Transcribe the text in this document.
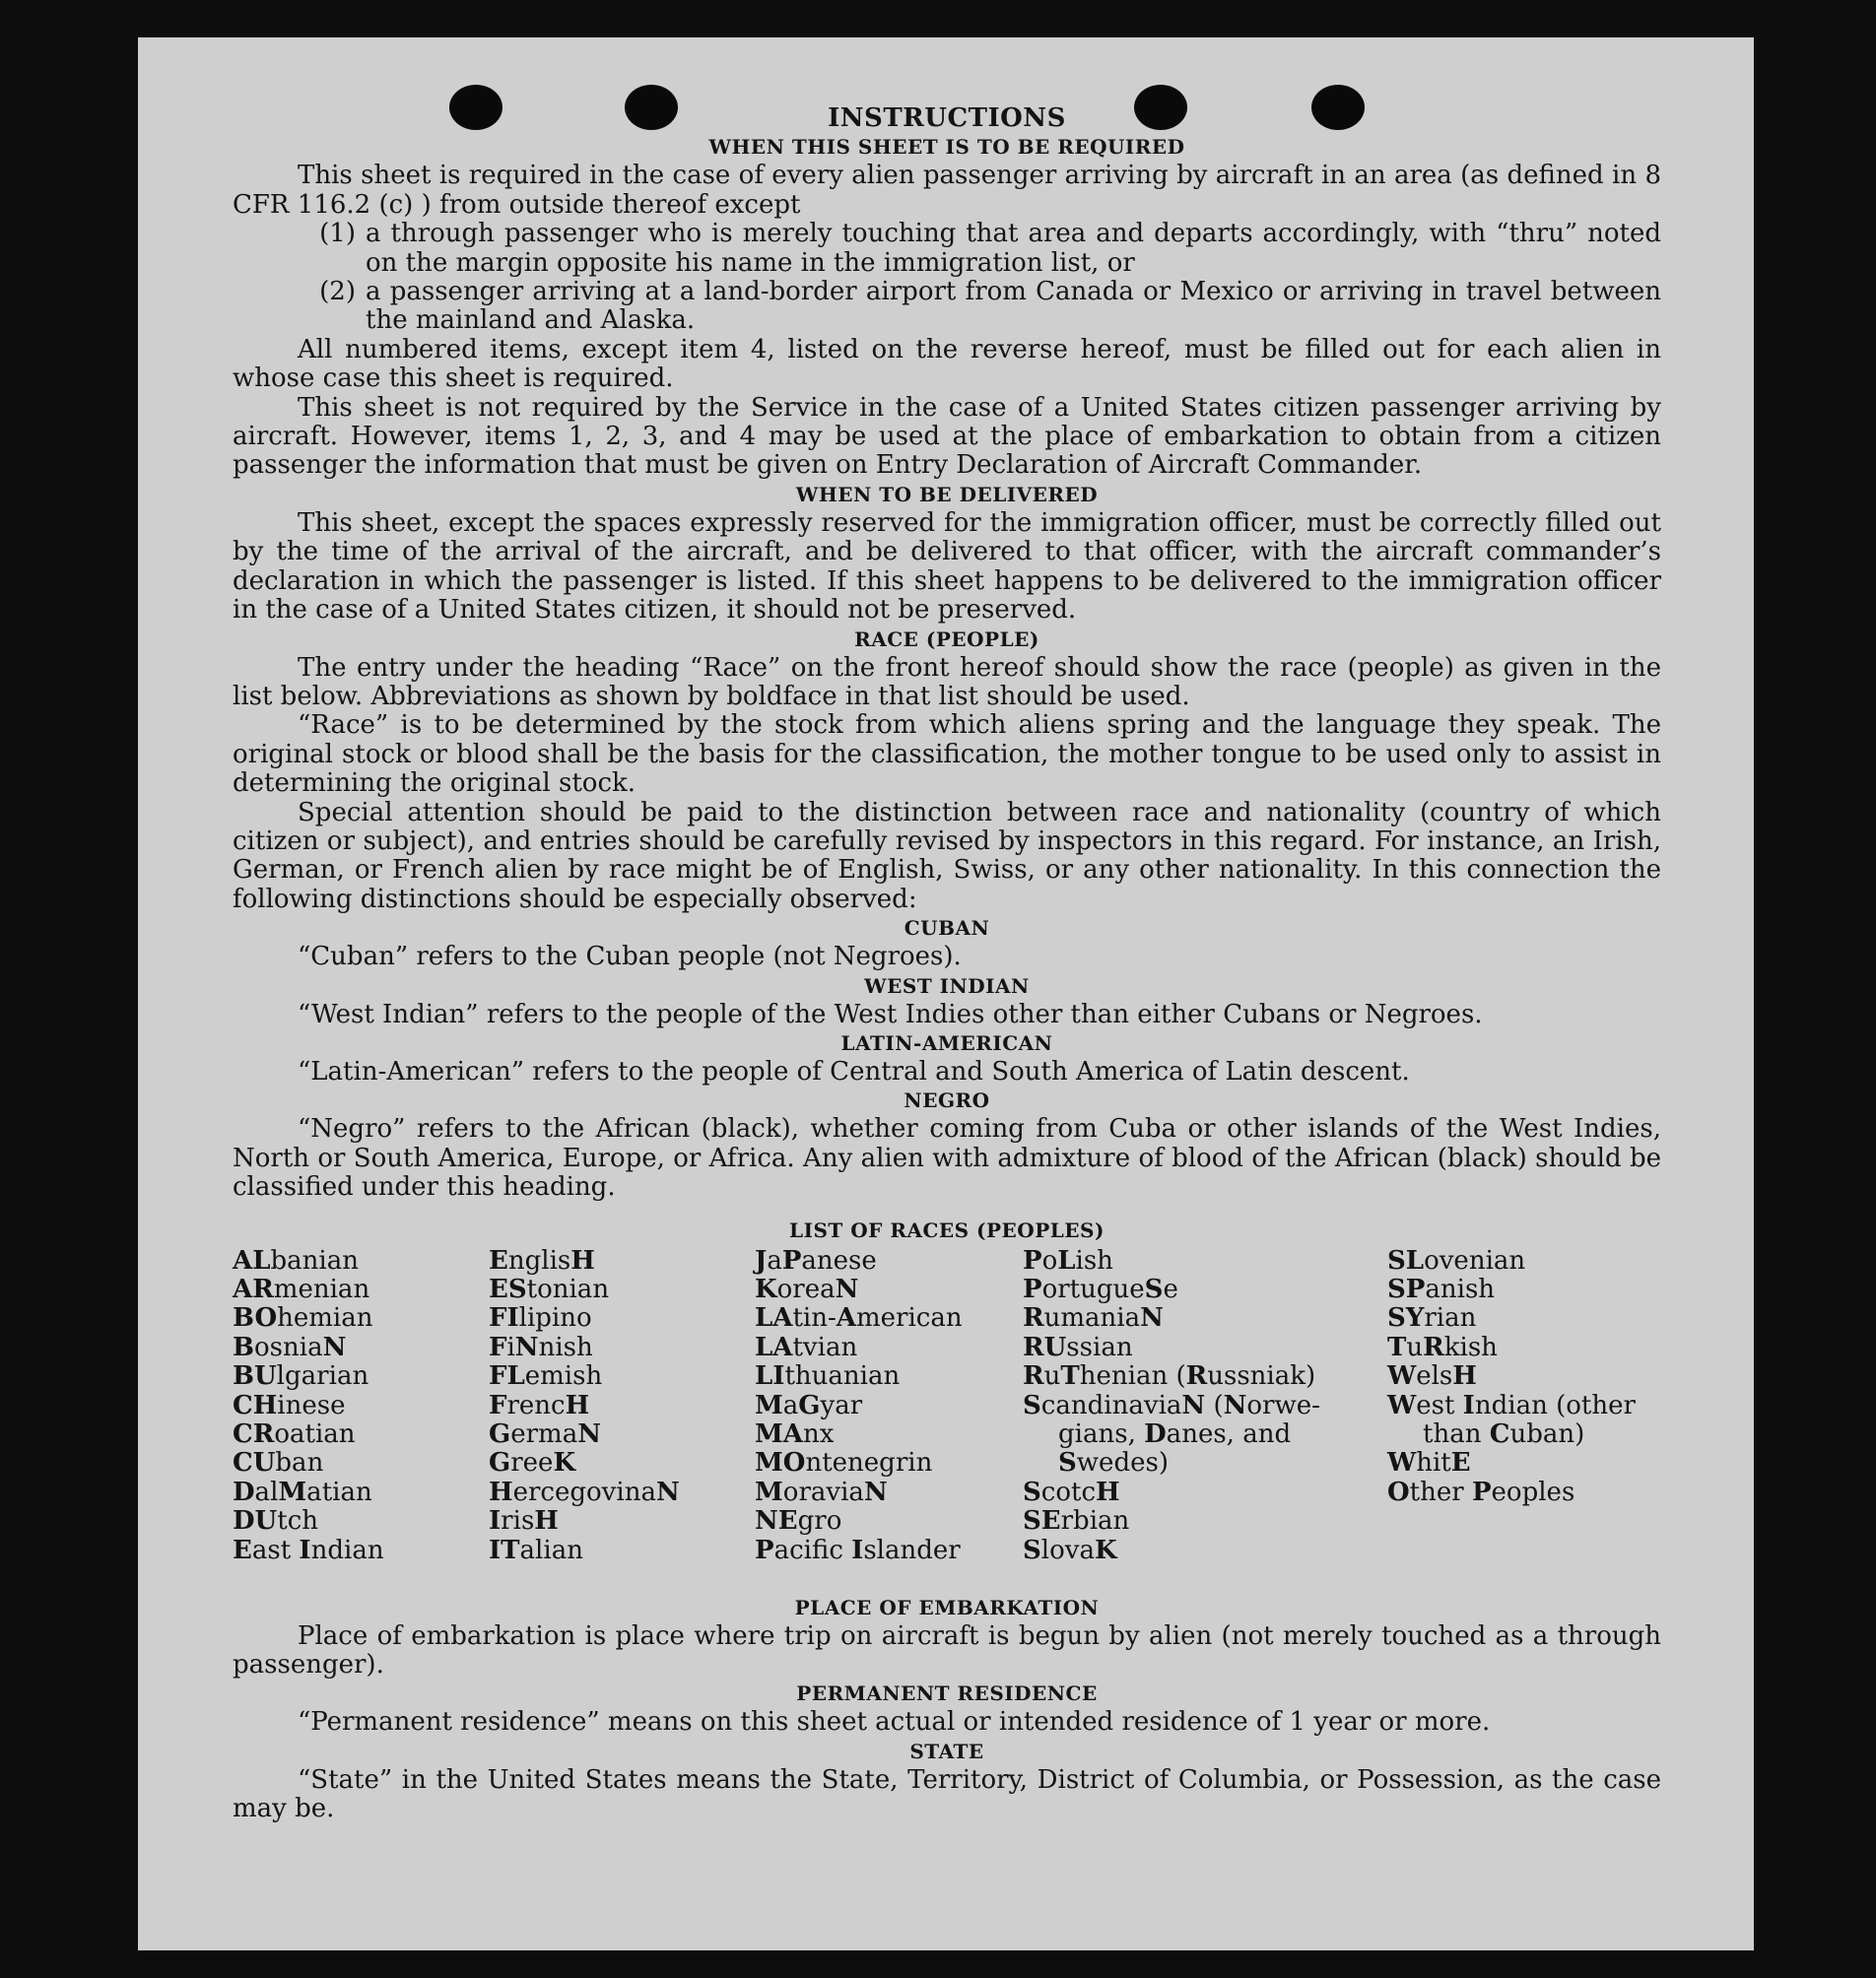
INSTRUCTIONS
WHEN THIS SHEET IS TO BE REQUIRED

This sheet is required in the case of every alien passenger arriving by aircraft in an area (as defined in 8 CFR 116.2 (c) ) from outside thereof except

(1) a through passenger who is merely touching that area and departs accordingly, with “thru” noted on the margin opposite his name in the immigration list, or
(2) a passenger arriving at a land-border airport from Canada or Mexico or arriving in travel between the mainland and Alaska.

All numbered items, except item 4, listed on the reverse hereof, must be filled out for each alien in whose case this sheet is required.

This sheet is not required by the Service in the case of a United States citizen passenger arriving by aircraft. However, items 1, 2, 3, and 4 may be used at the place of embarkation to obtain from a citizen passenger the information that must be given on Entry Declaration of Aircraft Commander.

WHEN TO BE DELIVERED

This sheet, except the spaces expressly reserved for the immigration officer, must be correctly filled out by the time of the arrival of the aircraft, and be delivered to that officer, with the aircraft commander’s declaration in which the passenger is listed. If this sheet happens to be delivered to the immigration officer in the case of a United States citizen, it should not be preserved.

RACE (PEOPLE)

The entry under the heading “Race” on the front hereof should show the race (people) as given in the list below. Abbreviations as shown by boldface in that list should be used.

“Race” is to be determined by the stock from which aliens spring and the language they speak. The original stock or blood shall be the basis for the classification, the mother tongue to be used only to assist in determining the original stock.

Special attention should be paid to the distinction between race and nationality (country of which citizen or subject), and entries should be carefully revised by inspectors in this regard. For instance, an Irish, German, or French alien by race might be of English, Swiss, or any other nationality. In this connection the following distinctions should be especially observed:

CUBAN

“Cuban” refers to the Cuban people (not Negroes).

WEST INDIAN

“West Indian” refers to the people of the West Indies other than either Cubans or Negroes.

LATIN-AMERICAN

“Latin-American” refers to the people of Central and South America of Latin descent.

NEGRO

“Negro” refers to the African (black), whether coming from Cuba or other islands of the West Indies, North or South America, Europe, or Africa. Any alien with admixture of blood of the African (black) should be classified under this heading.

LIST OF RACES (PEOPLES)
ALbanian
ARmenian
BOhemian
BosniaN
BUlgarian
CHinese
CRoatian
CUban
DalMatian
DUtch
East Indian
EnglisH
EStonian
FIlipino
FiNnish
FLemish
FrencH
GermaN
GreeK
HercegovinaN
IrisH
ITalian
JaPanese
KoreaN
LAtin-American
LAtvian
LIthuanian
MaGyar
MAnx
MOntenegrin
MoraviaN
NEgro
Pacifc Islander
PoLish
PortugueSe
RumaniaN
RUssian
RuThenian (Russniak)
ScandinaviaN (Norwe-
gians, Danes, and
Swedes)
ScotcH
SErbian
SlovaK
SLovenian
SPanish
SYrian
TuRkish
WelsH
West Indian (other
than Cuban)
WhitE
Other Peoples
PLACE OF EMBARKATION

Place of embarkation is place where trip on aircraft is begun by alien (not merely touched as a through passenger).

PERMANENT RESIDENCE

“Permanent residence” means on this sheet actual or intended residence of 1 year or more.

STATE

“State” in the United States means the State, Territory, District of Columbia, or Possession, as the case may be.
